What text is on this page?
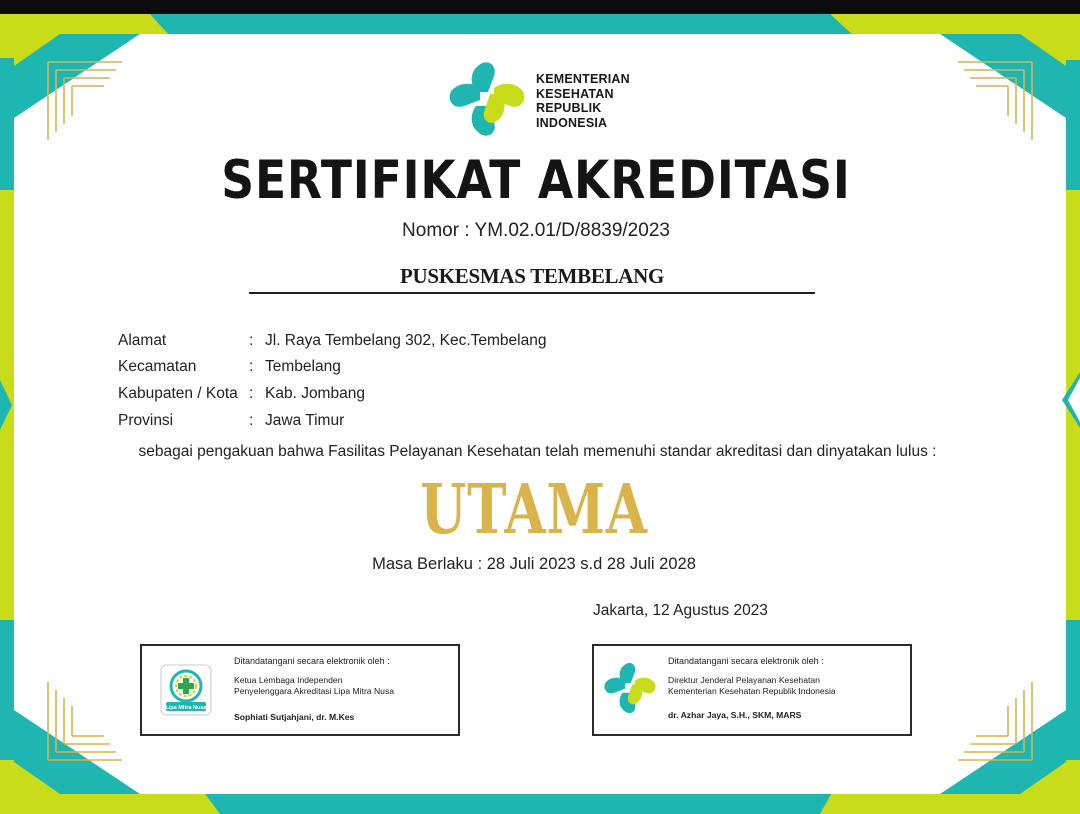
KEMENTERIAN
KESEHATAN
REPUBLIK
INDONESIA
SERTIFIKAT AKREDITASI
Nomor : YM.02.01/D/8839/2023
PUSKESMAS TEMBELANG
Alamat	: Jl. Raya Tembelang 302, Kec.Tembelang
Kecamatan	: Tembelang
Kabupaten / Kota : Kab. Jombang
Provinsi	: Jawa Timur
sebagai pengakuan bahwa Fasilitas Pelayanan Kesehatan telah memenuhi standar akreditasi dan dinyatakan lulus :
UTAMA
Masa Berlaku : 28 Juli 2023 s.d 28 Juli 2028
Jakarta, 12 Agustus 2023
Lipa Mitra Nusa
Ditandatangani secara elektronik oleh :
Ketua Lembaga Independen
Penyelenggara Akreditasi Lipa Mitra Nusa
Sophiati Sutjahjani, dr. M.Kes
Ditandatangani secara elektronik oleh :
Direktur Jenderal Pelayanan Kesehatan
Kementerian Kesehatan Republik Indonesia
dr. Azhar Jaya, S.H., SKM, MARS
